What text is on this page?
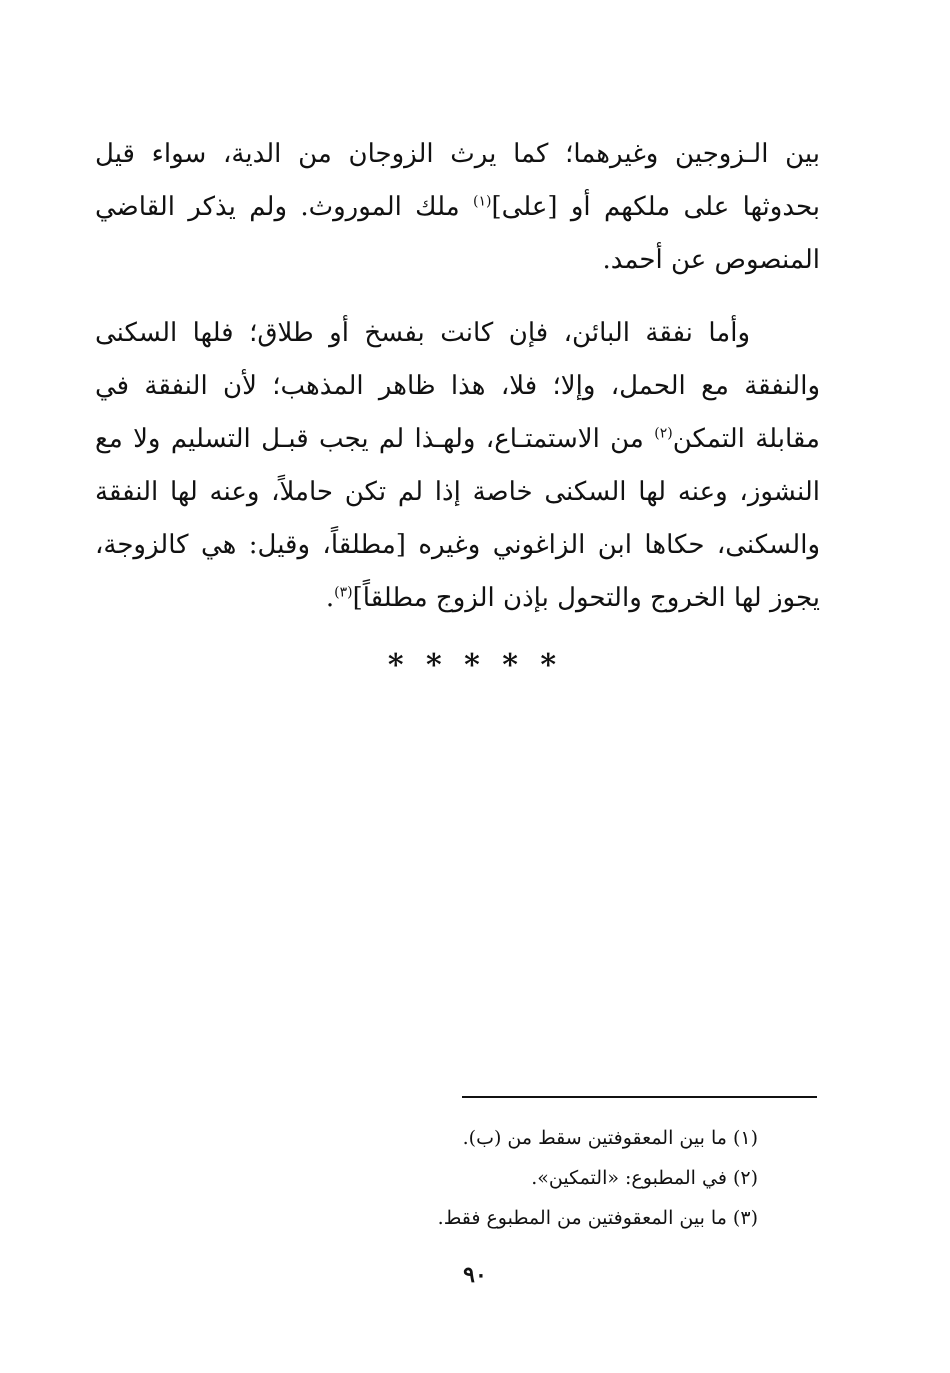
بين الـزوجين وغيرهما؛ كما يرث الزوجان من الدية، سواء قيل بحدوثها على ملكهم أو [على]$^{(١)}$ ملك الموروث. ولم يذكر القاضي المنصوص عن أحمد.

وأما نفقة البائن، فإن كانت بفسخ أو طلاق؛ فلها السكنى والنفقة مع الحمل، وإلا؛ فلا، هذا ظاهر المذهب؛ لأن النفقة في مقابلة التمكن$^{(٢)}$ من الاستمتـاع، ولهـذا لم يجب قبـل التسليم ولا مع النشوز، وعنه لها السكنى خاصة إذا لم تكن حاملاً، وعنه لها النفقة والسكنى، حكاها ابن الزاغوني وغيره [مطلقاً، وقيل: هي كالزوجة، يجوز لها الخروج والتحول بإذن الزوج مطلقاً]$^{(٣)}$.

* * * * *

(١) ما بين المعقوفتين سقط من (ب).

(٢) في المطبوع: «التمكين».

(٣) ما بين المعقوفتين من المطبوع فقط.

٩٠
